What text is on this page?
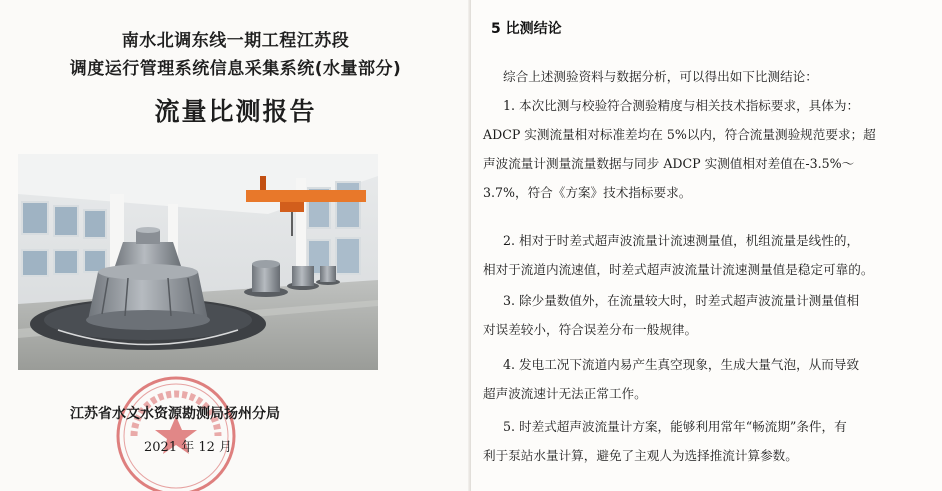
南水北调东线一期工程江苏段
调度运行管理系统信息采集系统(水量部分)
流量比测报告
江苏省水文水资源勘测局扬州分局
2021 年 12 月
5 比测结论
综合上述测验资料与数据分析，可以得出如下比测结论：
1. 本次比测与校验符合测验精度与相关技术指标要求，具体为：
ADCP 实测流量相对标准差均在 5%以内，符合流量测验规范要求；超
声波流量计测量流量数据与同步 ADCP 实测值相对差值在-3.5%～
3.7%，符合《方案》技术指标要求。
2. 相对于时差式超声波流量计流速测量值，机组流量是线性的，
相对于流道内流速值，时差式超声波流量计流速测量值是稳定可靠的。
3. 除少量数值外，在流量较大时，时差式超声波流量计测量值相
对误差较小，符合误差分布一般规律。
4. 发电工况下流道内易产生真空现象，生成大量气泡，从而导致
超声波流速计无法正常工作。
5. 时差式超声波流量计方案，能够利用常年“畅流期”条件，有
利于泵站水量计算，避免了主观人为选择推流计算参数。
